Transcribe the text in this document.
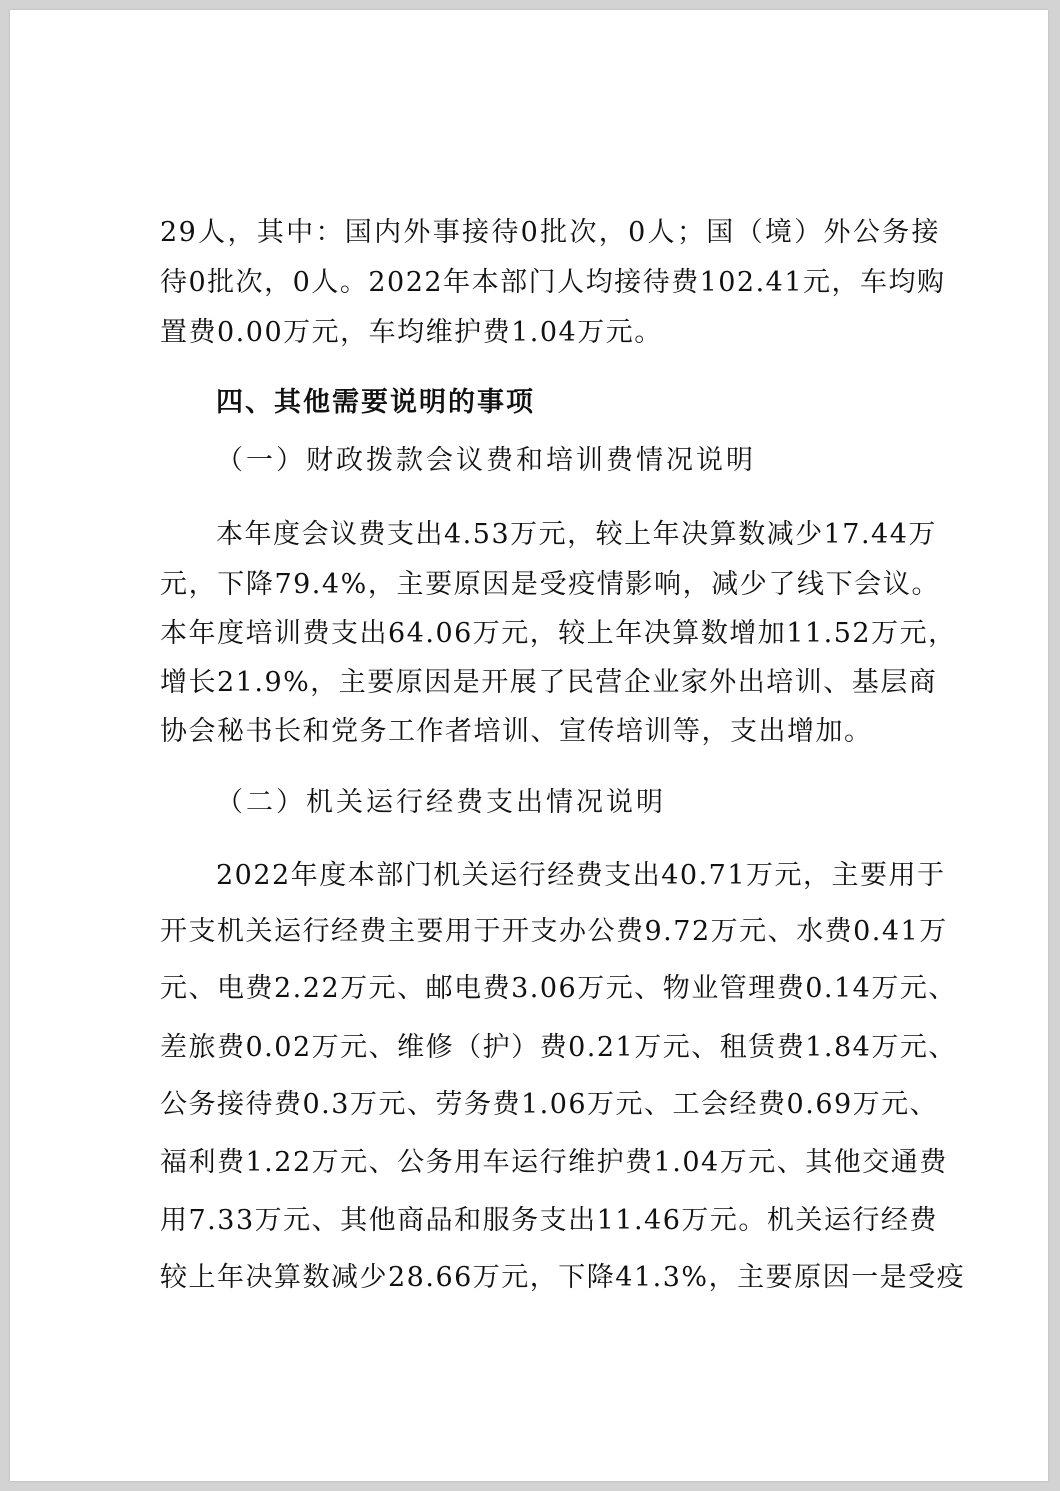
29人，其中：国内外事接待0批次，0人；国（境）外公务接
待0批次，0人。2022年本部门人均接待费102.41元，车均购
置费0.00万元，车均维护费1.04万元。
四、其他需要说明的事项
（一）财政拨款会议费和培训费情况说明
本年度会议费支出4.53万元，较上年决算数减少17.44万
元，下降79.4%，主要原因是受疫情影响，减少了线下会议。
本年度培训费支出64.06万元，较上年决算数增加11.52万元，
增长21.9%，主要原因是开展了民营企业家外出培训、基层商
协会秘书长和党务工作者培训、宣传培训等，支出增加。
（二）机关运行经费支出情况说明
2022年度本部门机关运行经费支出40.71万元，主要用于
开支机关运行经费主要用于开支办公费9.72万元、水费0.41万
元、电费2.22万元、邮电费3.06万元、物业管理费0.14万元、
差旅费0.02万元、维修（护）费0.21万元、租赁费1.84万元、
公务接待费0.3万元、劳务费1.06万元、工会经费0.69万元、
福利费1.22万元、公务用车运行维护费1.04万元、其他交通费
用7.33万元、其他商品和服务支出11.46万元。机关运行经费
较上年决算数减少28.66万元，下降41.3%，主要原因一是受疫
